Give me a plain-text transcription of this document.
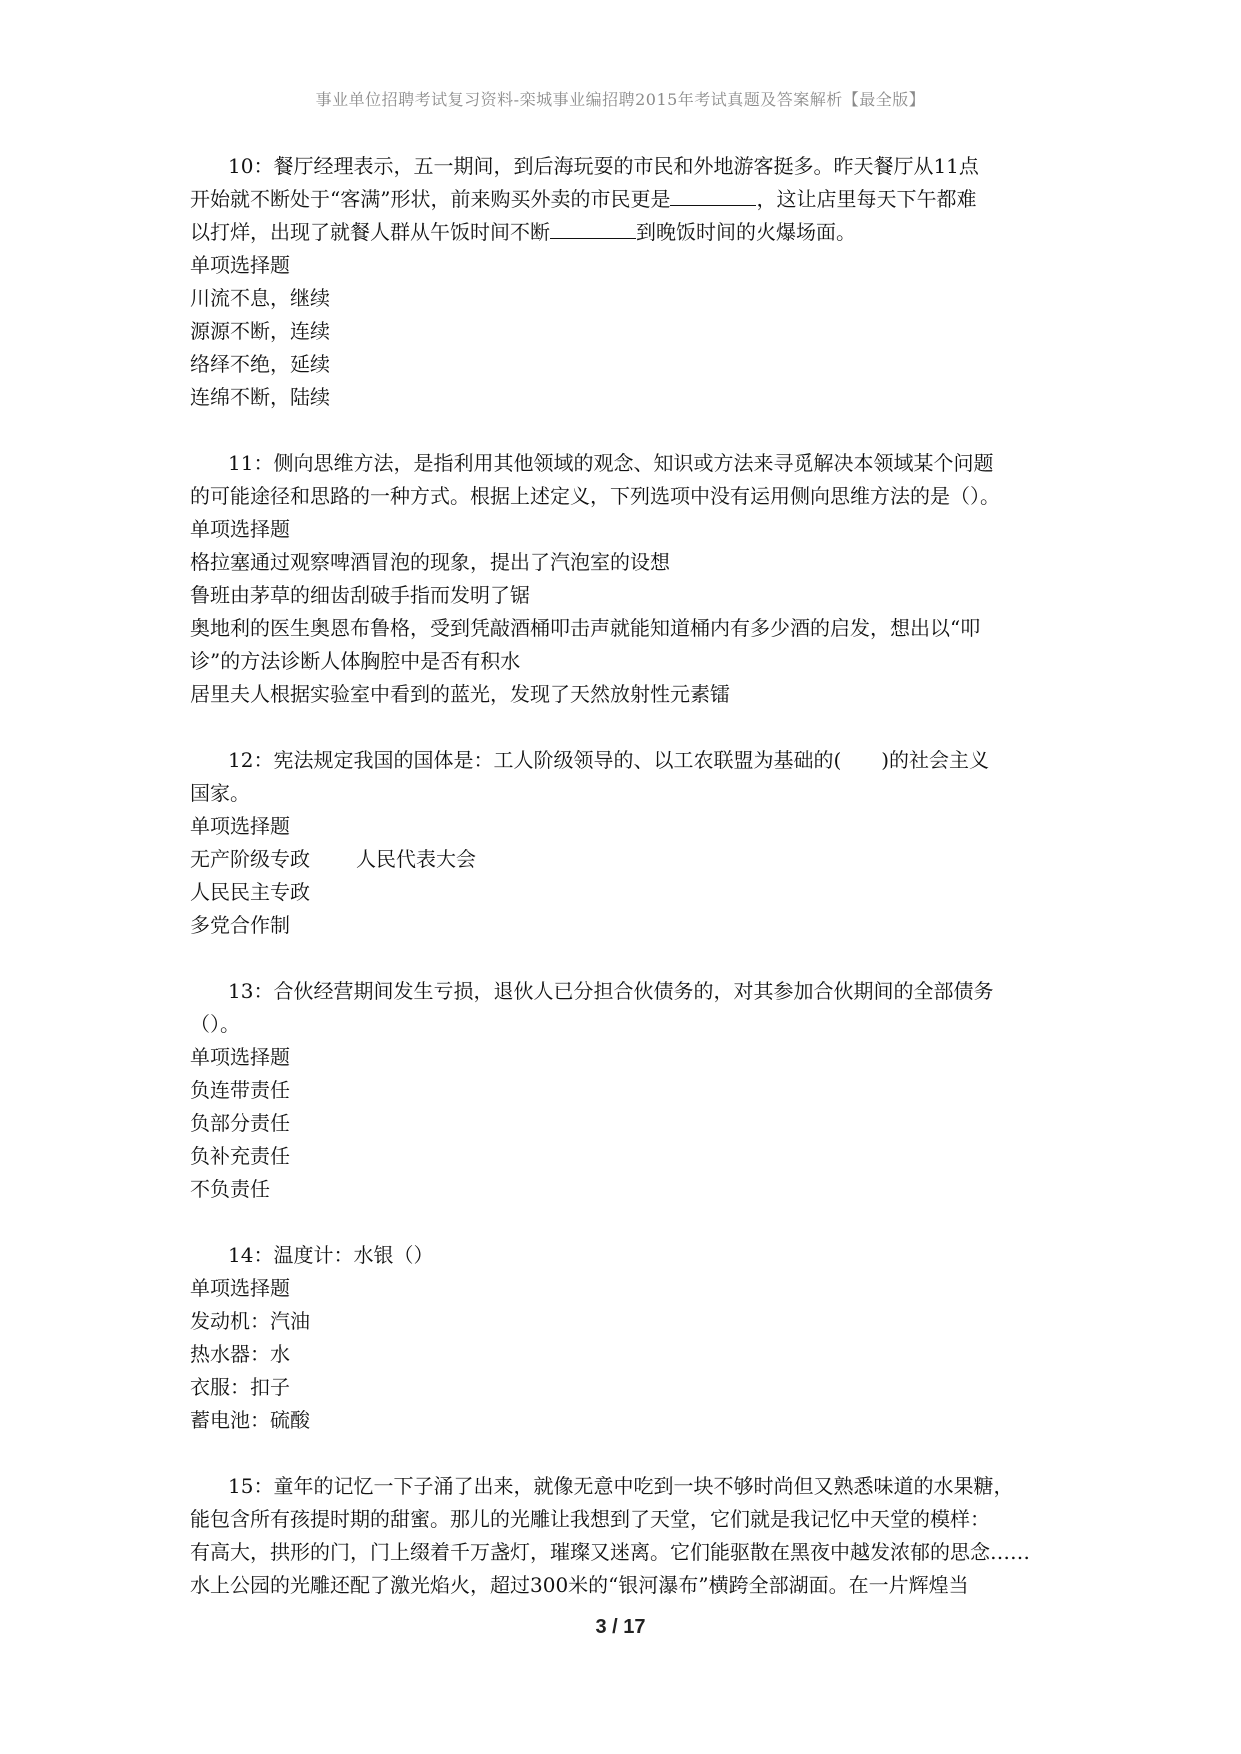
事业单位招聘考试复习资料-栾城事业编招聘2015年考试真题及答案解析【最全版】
10：餐厅经理表示，五一期间，到后海玩耍的市民和外地游客挺多。昨天餐厅从11点
开始就不断处于“客满”形状，前来购买外卖的市民更是	，这让店里每天下午都难
以打烊，出现了就餐人群从午饭时间不断	到晚饭时间的火爆场面。
单项选择题
川流不息，继续
源源不断，连续
络绎不绝，延续
连绵不断，陆续
11：侧向思维方法，是指利用其他领域的观念、知识或方法来寻觅解决本领域某个问题
的可能途径和思路的一种方式。根据上述定义，下列选项中没有运用侧向思维方法的是（）。
单项选择题
格拉塞通过观察啤酒冒泡的现象，提出了汽泡室的设想
鲁班由茅草的细齿刮破手指而发明了锯
奥地利的医生奥恩布鲁格，受到凭敲酒桶叩击声就能知道桶内有多少酒的启发，想出以“叩
诊”的方法诊断人体胸腔中是否有积水
居里夫人根据实验室中看到的蓝光，发现了天然放射性元素镭
12：宪法规定我国的国体是：工人阶级领导的、以工农联盟为基础的(　　)的社会主义
国家。
单项选择题
无产阶级专政 人民代表大会
人民民主专政
多党合作制
13：合伙经营期间发生亏损，退伙人已分担合伙债务的，对其参加合伙期间的全部债务
（）。
单项选择题
负连带责任
负部分责任
负补充责任
不负责任
14：温度计：水银（）
单项选择题
发动机：汽油
热水器：水
衣服：扣子
蓄电池：硫酸
15：童年的记忆一下子涌了出来，就像无意中吃到一块不够时尚但又熟悉味道的水果糖，
能包含所有孩提时期的甜蜜。那儿的光雕让我想到了天堂，它们就是我记忆中天堂的模样：
有高大，拱形的门，门上缀着千万盏灯，璀璨又迷离。它们能驱散在黑夜中越发浓郁的思念……
水上公园的光雕还配了激光焰火，超过300米的“银河瀑布”横跨全部湖面。在一片辉煌当
3 / 17
